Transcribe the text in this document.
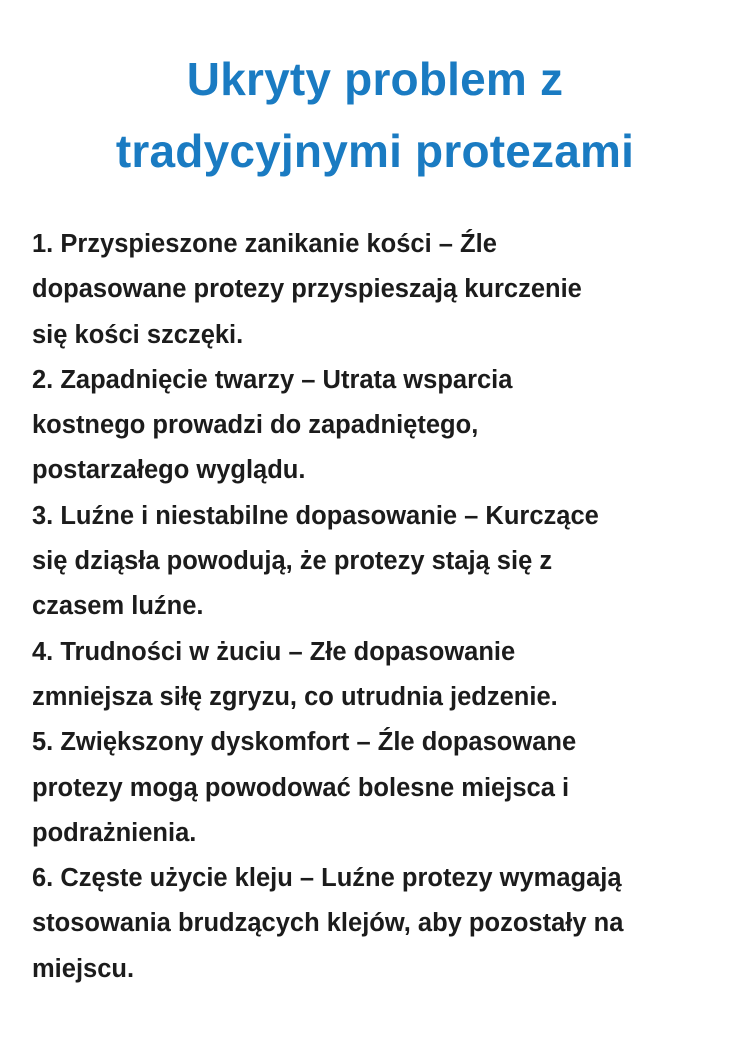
Ukryty problem z
tradycyjnymi protezami
1. Przyspieszone zanikanie kości – Źle
dopasowane protezy przyspieszają kurczenie
się kości szczęki.
2. Zapadnięcie twarzy – Utrata wsparcia
kostnego prowadzi do zapadniętego,
postarzałego wyglądu.
3. Luźne i niestabilne dopasowanie – Kurczące
się dziąsła powodują, że protezy stają się z
czasem luźne.
4. Trudności w żuciu – Złe dopasowanie
zmniejsza siłę zgryzu, co utrudnia jedzenie.
5. Zwiększony dyskomfort – Źle dopasowane
protezy mogą powodować bolesne miejsca i
podrażnienia.
6. Częste użycie kleju – Luźne protezy wymagają
stosowania brudzących klejów, aby pozostały na
miejscu.
